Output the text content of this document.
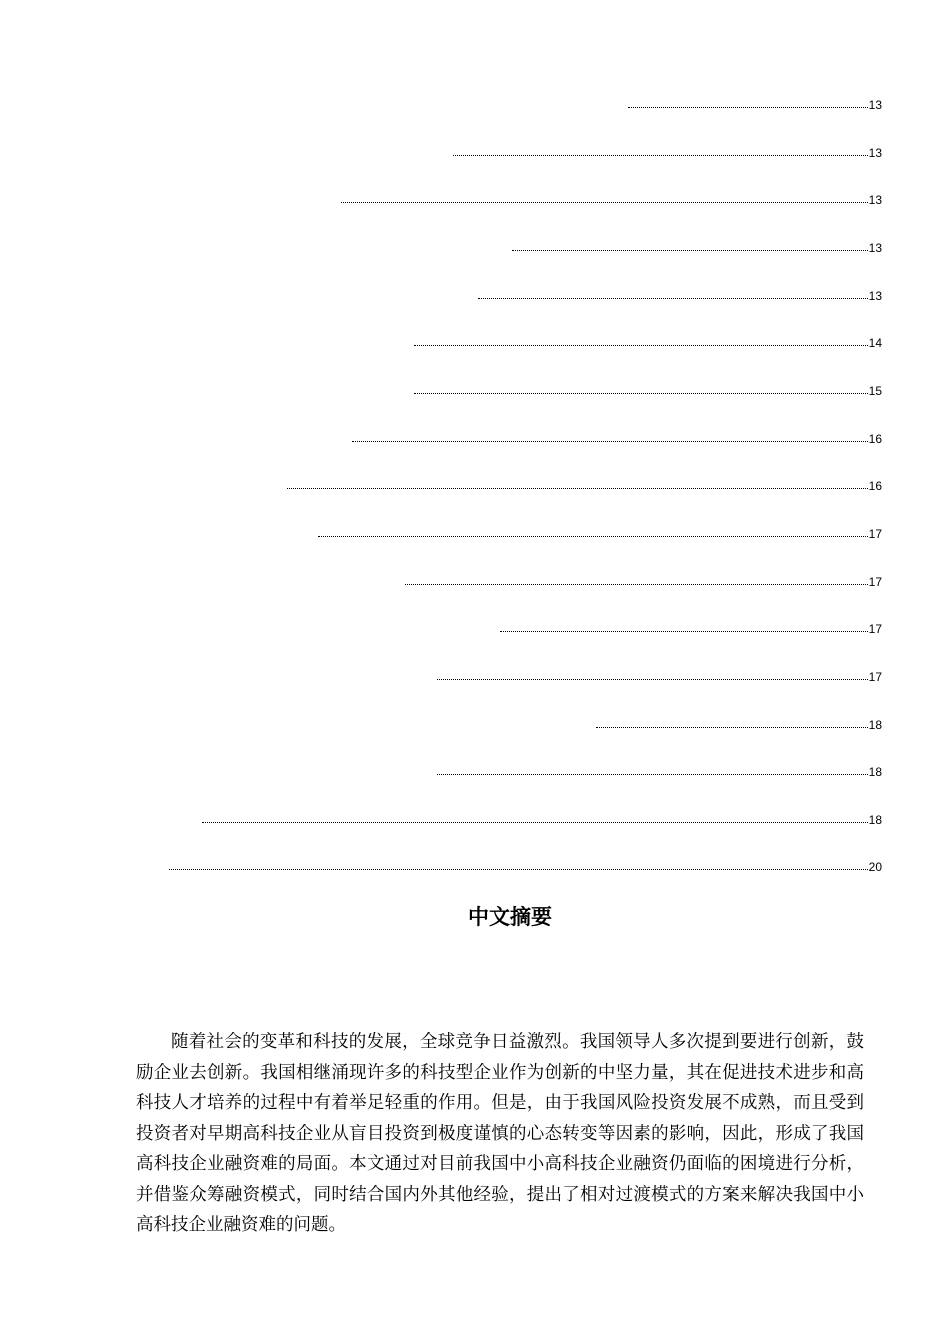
13
13
13
13
13
14
15
16
16
17
17
17
17
18
18
18
20
中文摘要

随着社会的变革和科技的发展，全球竞争日益激烈。我国领导人多次提到要进行创新，鼓励企业去创新。我国相继涌现许多的科技型企业作为创新的中坚力量，其在促进技术进步和高科技人才培养的过程中有着举足轻重的作用。但是，由于我国风险投资发展不成熟，而且受到投资者对早期高科技企业从盲目投资到极度谨慎的心态转变等因素的影响，因此，形成了我国高科技企业融资难的局面。本文通过对目前我国中小高科技企业融资仍面临的困境进行分析，并借鉴众筹融资模式，同时结合国内外其他经验，提出了相对过渡模式的方案来解决我国中小高科技企业融资难的问题。
